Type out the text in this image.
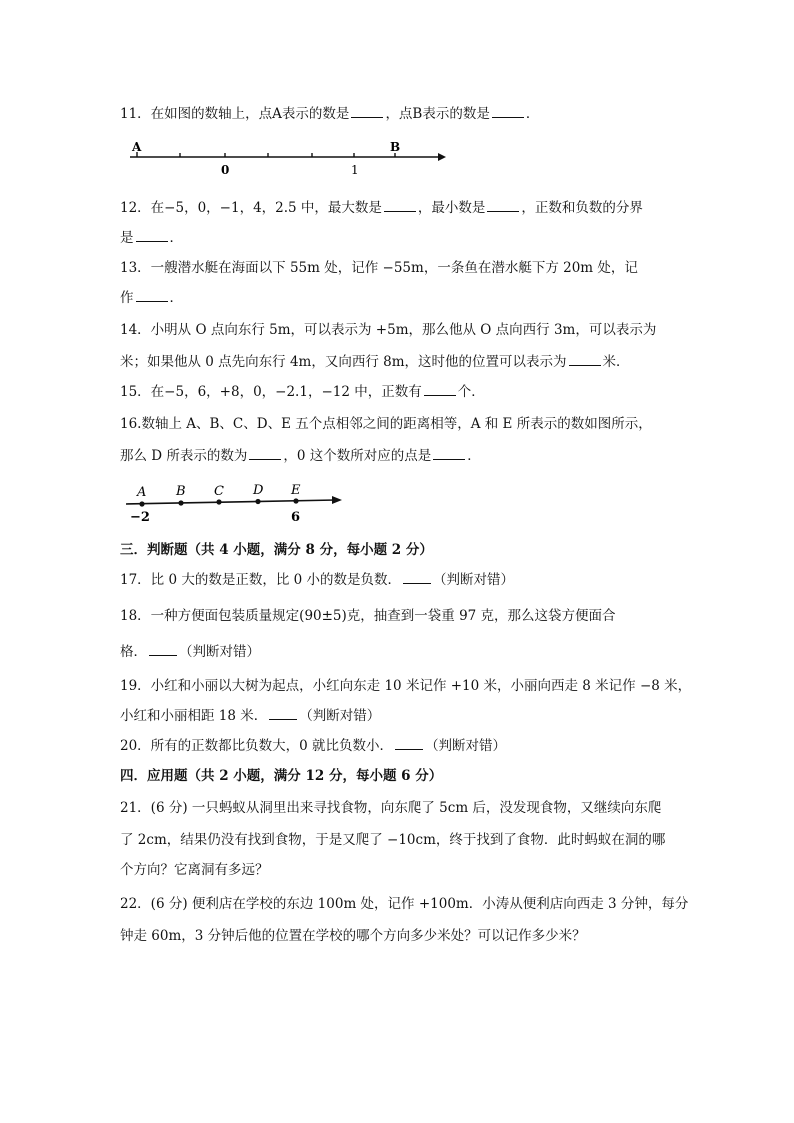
11．在如图的数轴上，点A表示的数是	，点B表示的数是	．
A	B
0	1
12．在−5，0，−1，4，2.5 中，最大数是	，最小数是	，正数和负数的分界
是	．
13．一艘潜水艇在海面以下 55m 处，记作 −55m，一条鱼在潜水艇下方 20m 处，记
作	．
14．小明从 O 点向东行 5m，可以表示为 +5m，那么他从 O 点向西行 3m，可以表示为
米；如果他从 0 点先向东行 4m，又向西行 8m，这时他的位置可以表示为	米．
15．在−5，6，+8，0，−2.1，−12 中，正数有	个．
16.数轴上 A、B、C、D、E 五个点相邻之间的距离相等，A 和 E 所表示的数如图所示，
那么 D 所表示的数为	，0 这个数所对应的点是	．
A B C D E
−2	6
三．判断题（共 4 小题，满分 8 分，每小题 2 分）
17．比 0 大的数是正数，比 0 小的数是负数． （判断对错）
18．一种方便面包装质量规定(90±5)克，抽查到一袋重 97 克，那么这袋方便面合
格． （判断对错）
19．小红和小丽以大树为起点，小红向东走 10 米记作 +10 米，小丽向西走 8 米记作 −8 米，
小红和小丽相距 18 米． （判断对错）
20．所有的正数都比负数大，0 就比负数小． （判断对错）
四．应用题（共 2 小题，满分 12 分，每小题 6 分）
21．(6 分) 一只蚂蚁从洞里出来寻找食物，向东爬了 5cm 后，没发现食物，又继续向东爬
了 2cm，结果仍没有找到食物，于是又爬了 −10cm，终于找到了食物．此时蚂蚁在洞的哪
个方向？它离洞有多远？
22．(6 分) 便利店在学校的东边 100m 处，记作 +100m．小涛从便利店向西走 3 分钟，每分
钟走 60m，3 分钟后他的位置在学校的哪个方向多少米处？可以记作多少米？
